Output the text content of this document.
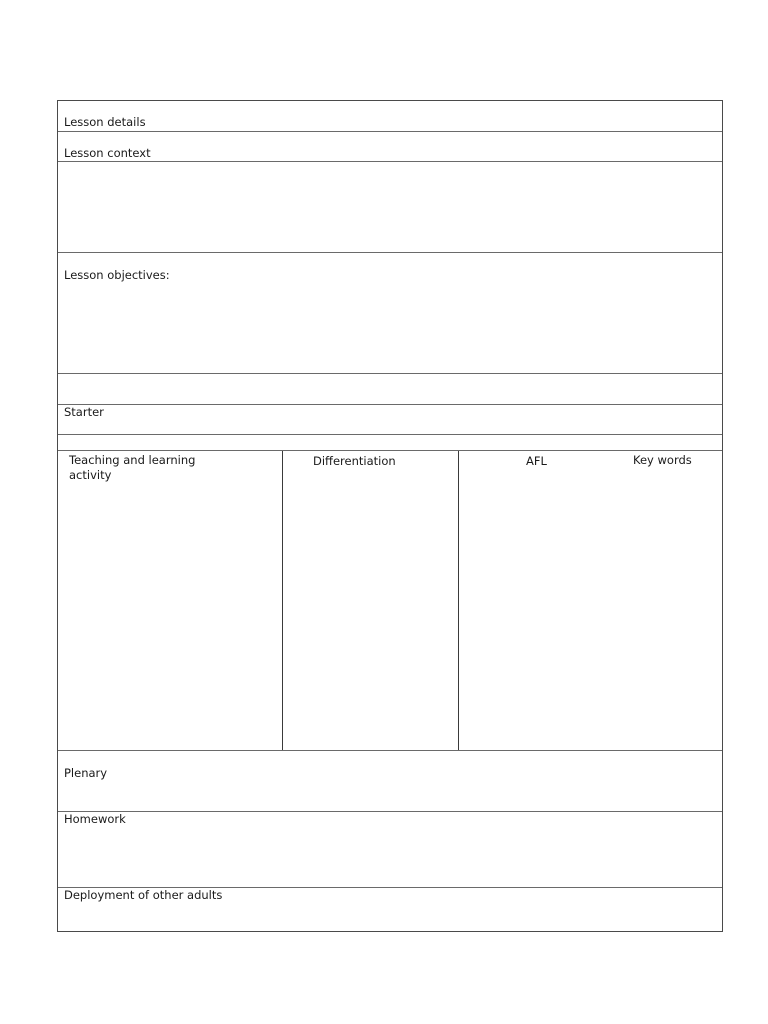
Lesson details
Lesson context
Lesson objectives:
Starter
Teaching and learning
activity
Differentiation	AFL	Key words
Plenary
Homework
Deployment of other adults
